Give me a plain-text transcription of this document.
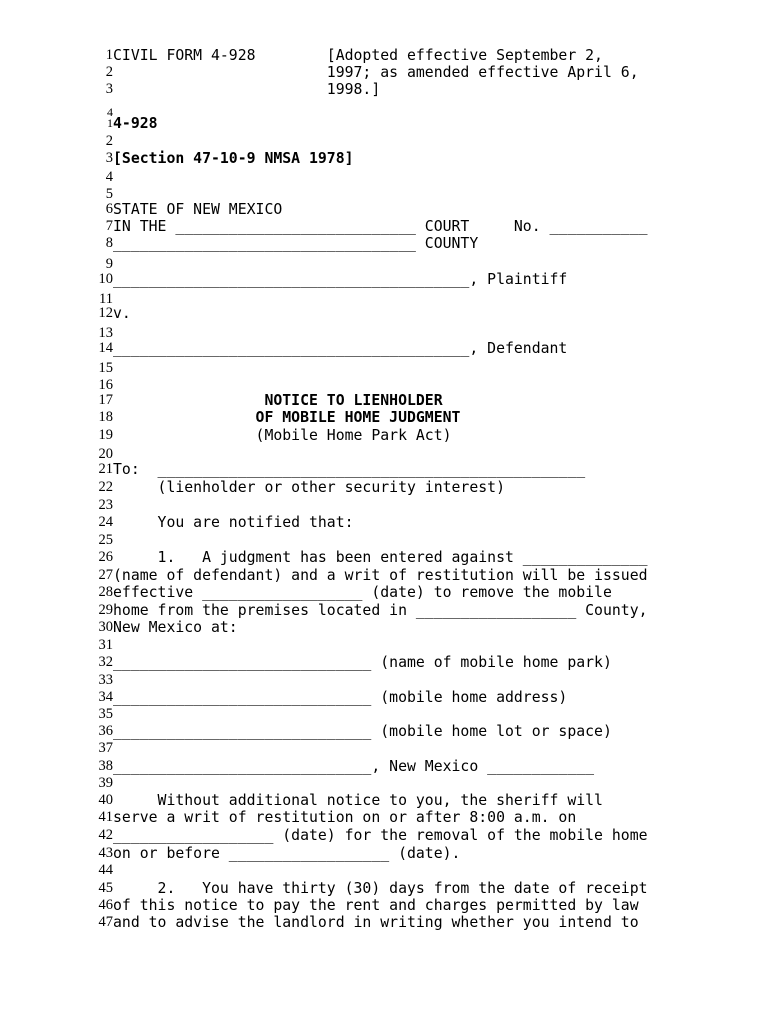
1 CIVIL FORM 4-928        [Adopted effective September 2,
2 1997; as amended effective April 6,
3 1998.]
4
1 4-928
2
3 [Section 47-10-9 NMSA 1978]
4
5
6 STATE OF NEW MEXICO
7 IN THE ___________________________ COURT     No. ___________
8 __________________________________ COUNTY
9
10 ________________________________________, Plaintiff
11
12 v.
13
14 ________________________________________, Defendant
15
16
17 NOTICE TO LIENHOLDER
18 OF MOBILE HOME JUDGMENT
19 (Mobile Home Park Act)
20
21 To:  ________________________________________________
22 (lienholder or other security interest)
23
24 You are notified that:
25
26 1.   A judgment has been entered against ______________
27 (name of defendant) and a writ of restitution will be issued
28 effective __________________ (date) to remove the mobile
29 home from the premises located in __________________ County,
30 New Mexico at:
31
32 _____________________________ (name of mobile home park)
33
34 _____________________________ (mobile home address)
35
36 _____________________________ (mobile home lot or space)
37
38 _____________________________, New Mexico ____________
39
40 Without additional notice to you, the sheriff will
41 serve a writ of restitution on or after 8:00 a.m. on
42 __________________ (date) for the removal of the mobile home
43 on or before __________________ (date).
44
45 2.   You have thirty (30) days from the date of receipt
46 of this notice to pay the rent and charges permitted by law
47 and to advise the landlord in writing whether you intend to
